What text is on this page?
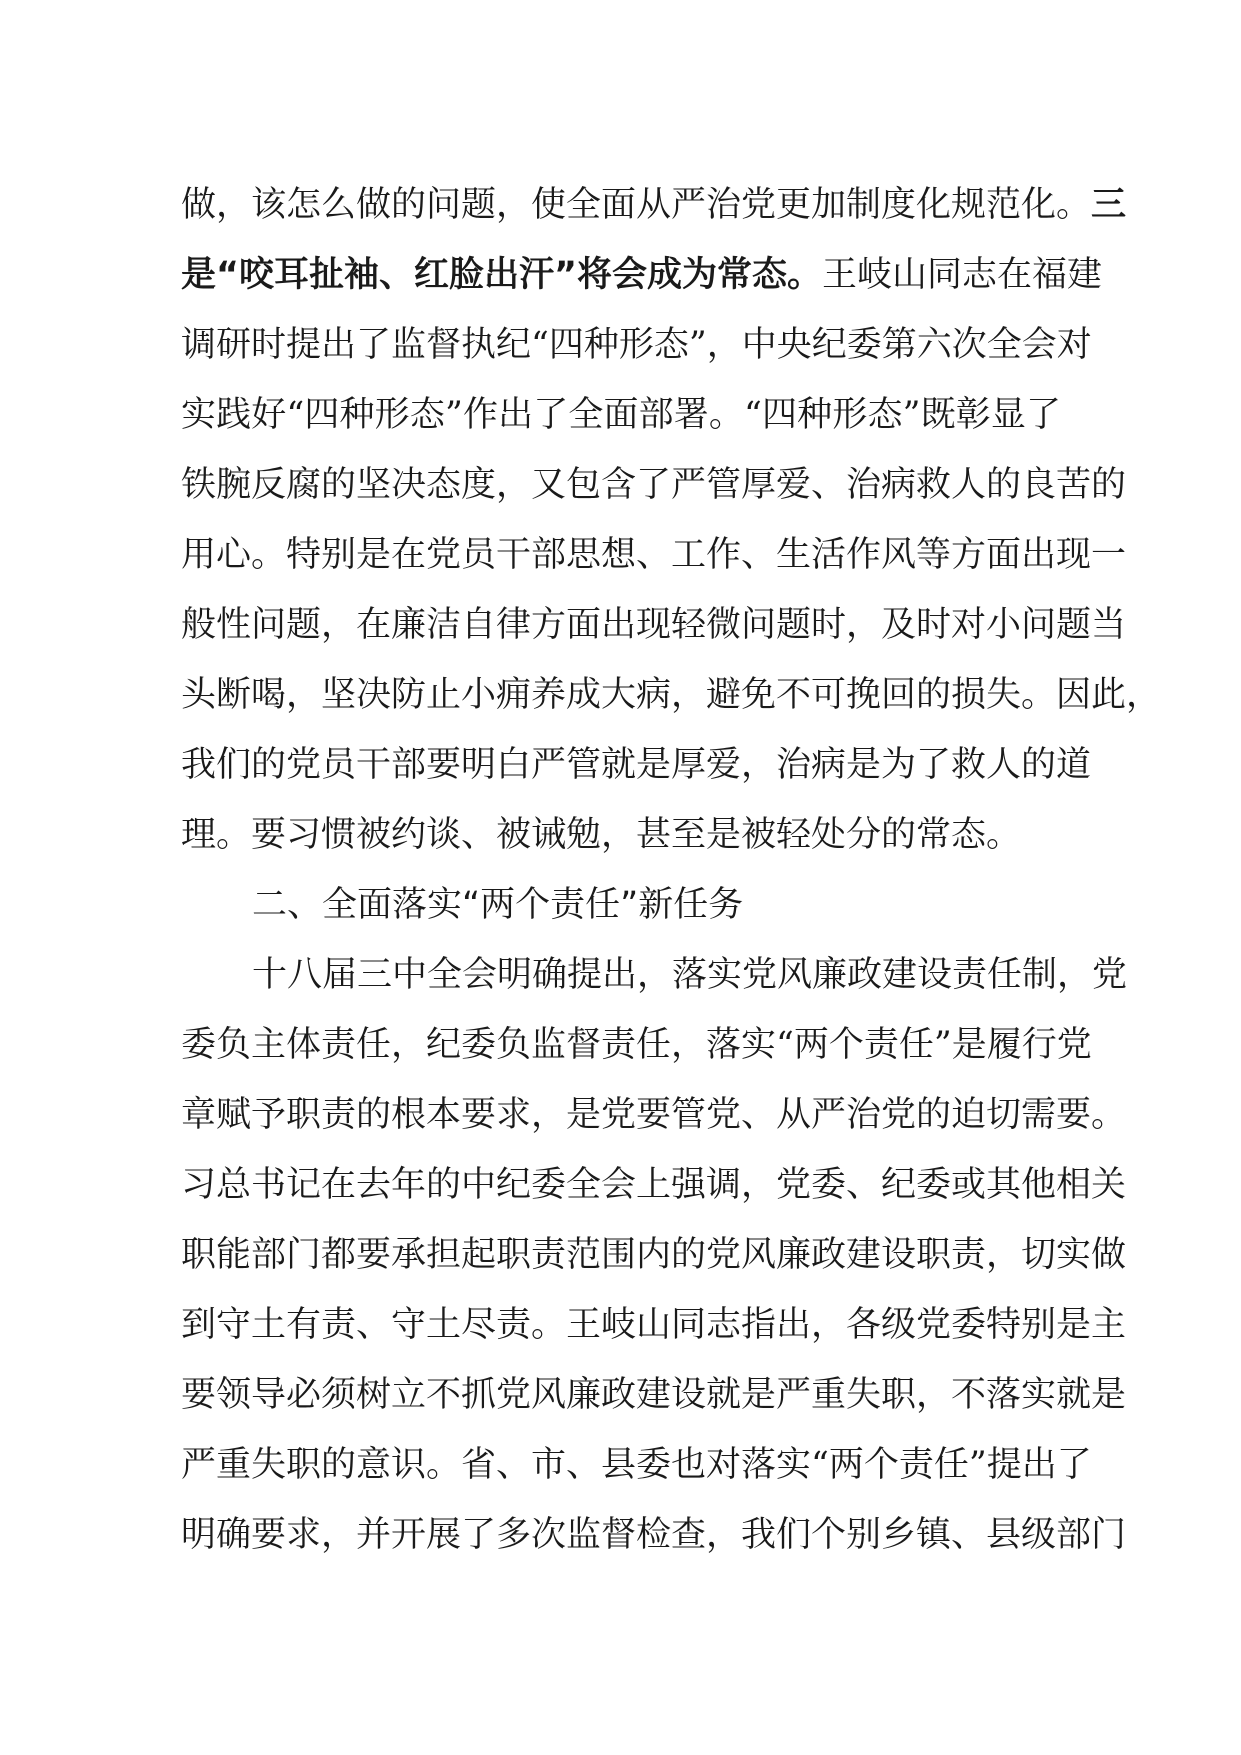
做，该怎么做的问题，使全面从严治党更加制度化规范化。三
是“咬耳扯袖、红脸出汗”将会成为常态。王岐山同志在福建
调研时提出了监督执纪“四种形态”，中央纪委第六次全会对
实践好“四种形态”作出了全面部署。“四种形态”既彰显了
铁腕反腐的坚决态度，又包含了严管厚爱、治病救人的良苦的
用心。特别是在党员干部思想、工作、生活作风等方面出现一
般性问题，在廉洁自律方面出现轻微问题时，及时对小问题当
头断喝，坚决防止小痈养成大病，避免不可挽回的损失。因此，
我们的党员干部要明白严管就是厚爱，治病是为了救人的道
理。要习惯被约谈、被诫勉，甚至是被轻处分的常态。
二、全面落实“两个责任”新任务
十八届三中全会明确提出，落实党风廉政建设责任制，党
委负主体责任，纪委负监督责任，落实“两个责任”是履行党
章赋予职责的根本要求，是党要管党、从严治党的迫切需要。
习总书记在去年的中纪委全会上强调，党委、纪委或其他相关
职能部门都要承担起职责范围内的党风廉政建设职责，切实做
到守土有责、守土尽责。王岐山同志指出，各级党委特别是主
要领导必须树立不抓党风廉政建设就是严重失职，不落实就是
严重失职的意识。省、市、县委也对落实“两个责任”提出了
明确要求，并开展了多次监督检查，我们个别乡镇、县级部门
